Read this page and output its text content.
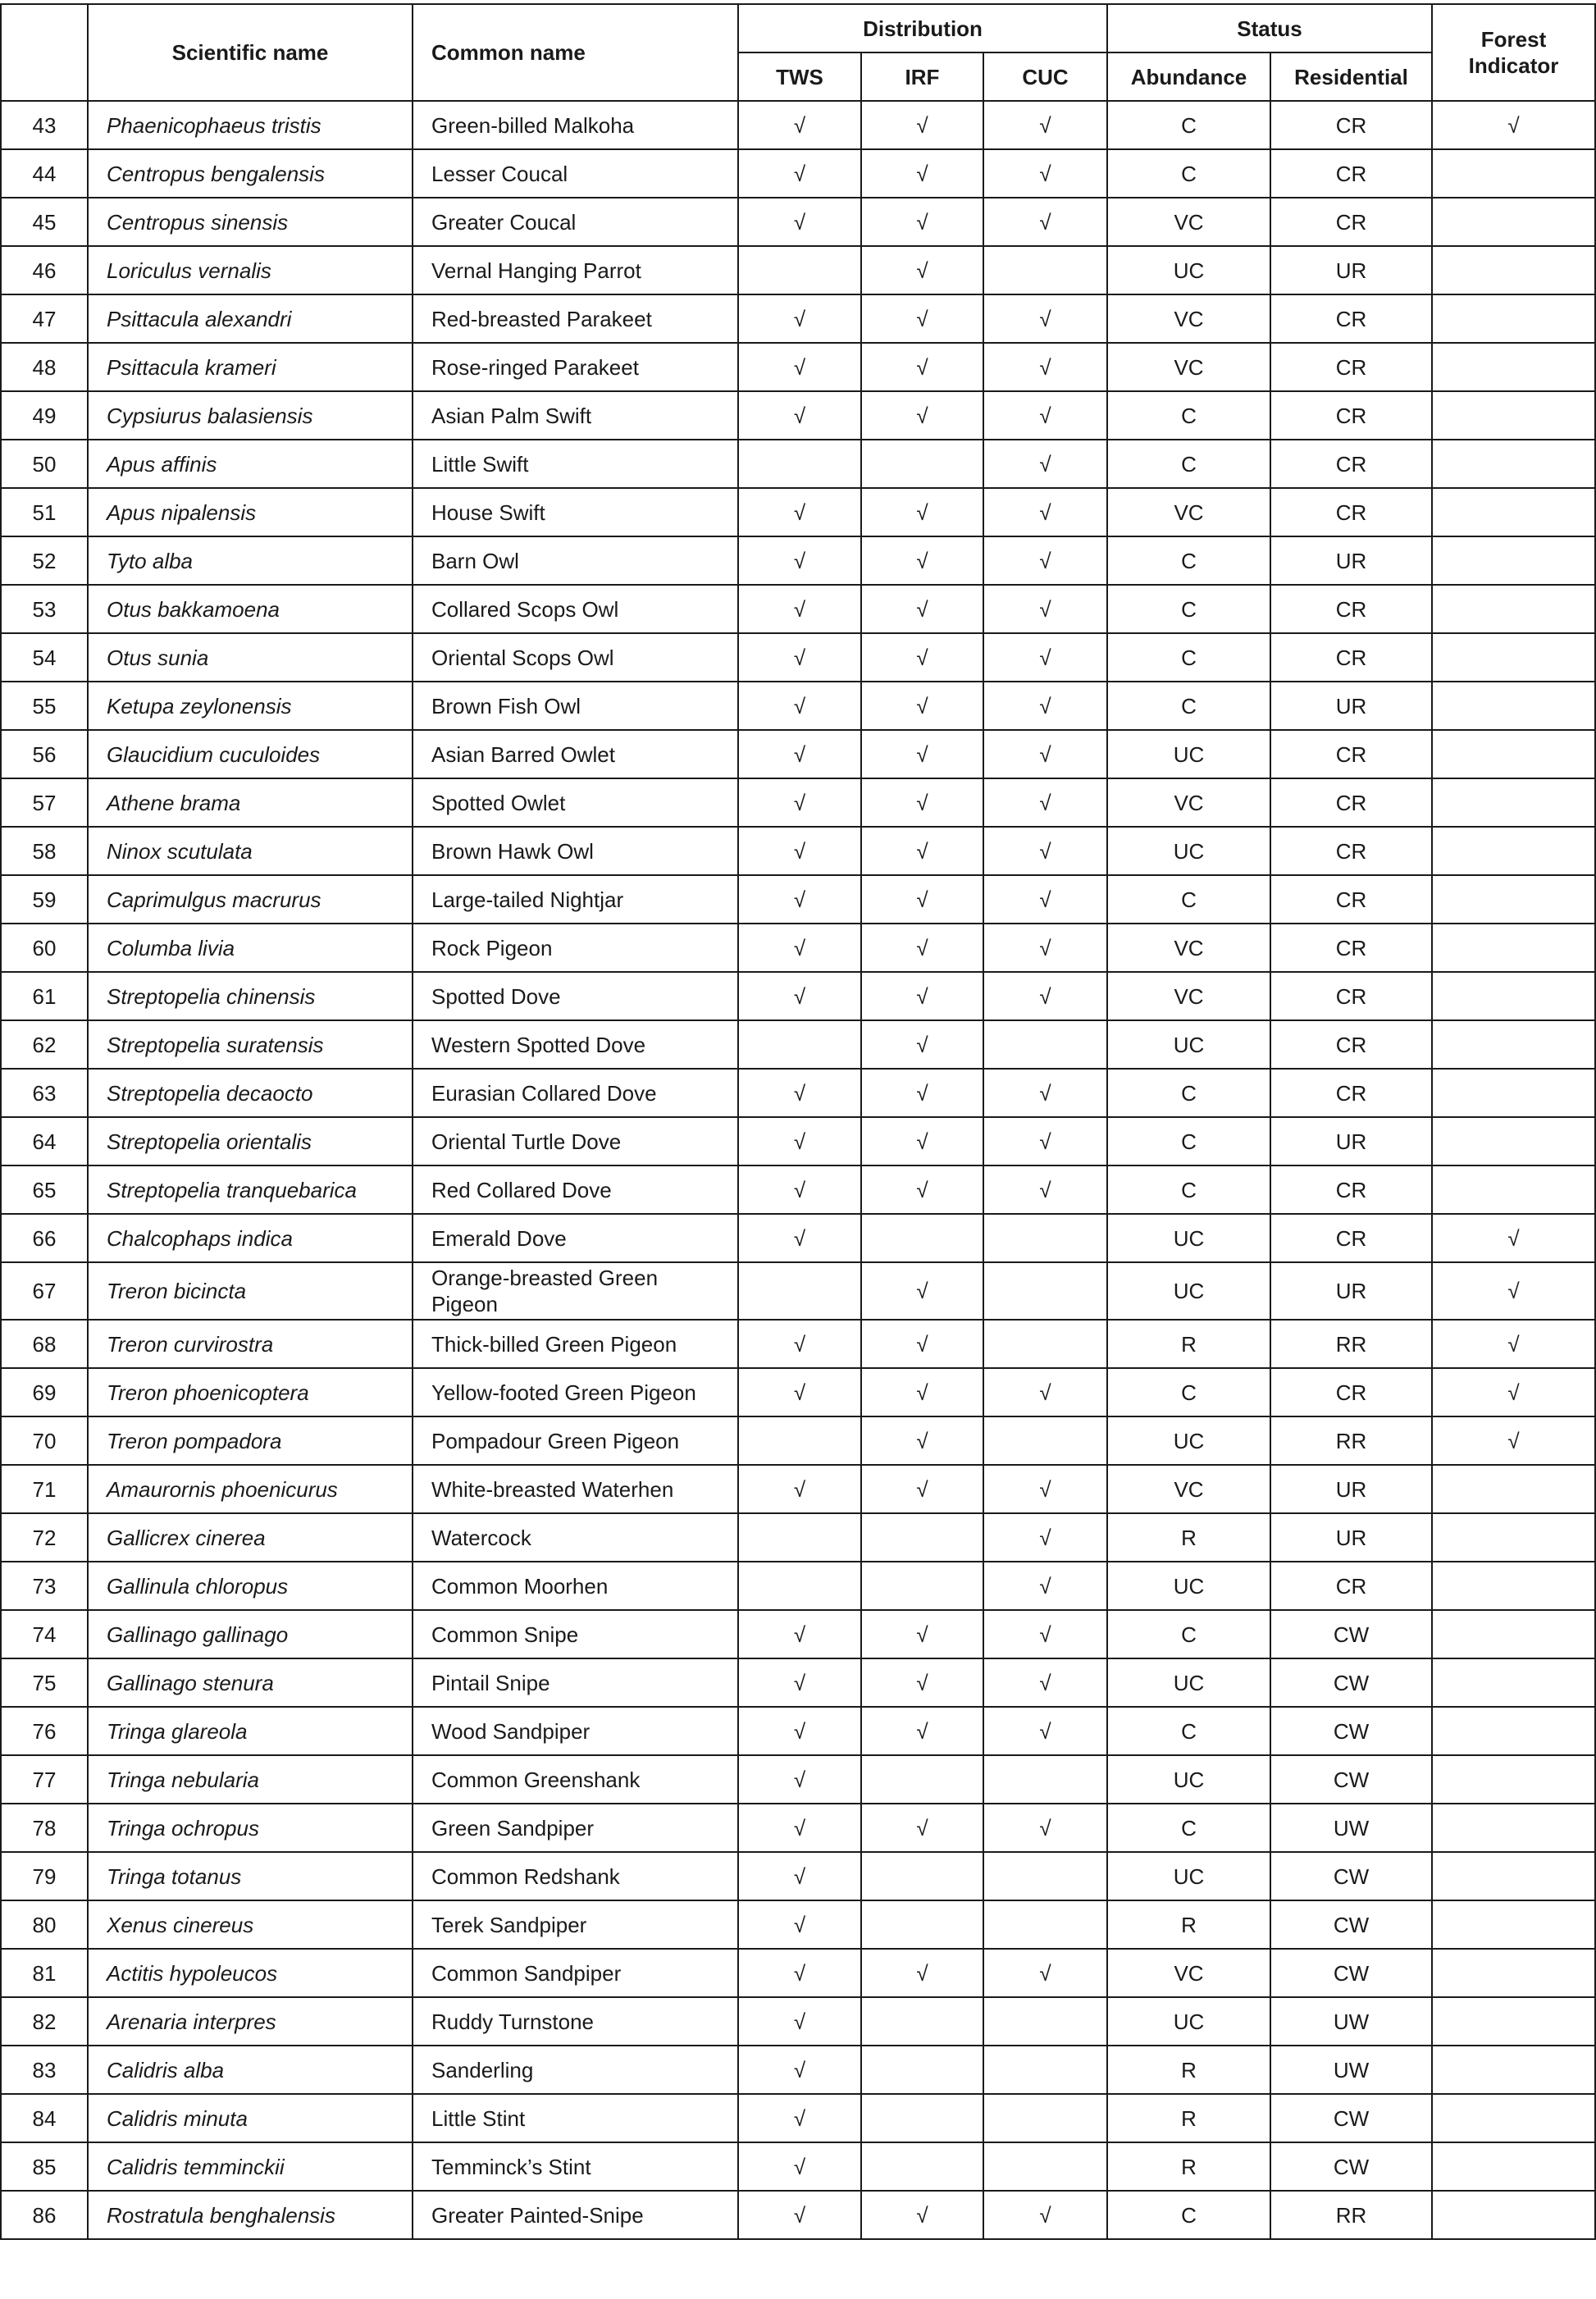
	Scientific name	Common name	Distribution			Status		Forest Indicator
			TWS	IRF	CUC	Abundance	Residential	
43	Phaenicophaeus tristis	Green-billed Malkoha	√	√	√	C	CR	√
44	Centropus bengalensis	Lesser Coucal	√	√	√	C	CR	
45	Centropus sinensis	Greater Coucal	√	√	√	VC	CR	
46	Loriculus vernalis	Vernal Hanging Parrot		√		UC	UR	
47	Psittacula alexandri	Red-breasted Parakeet	√	√	√	VC	CR	
48	Psittacula krameri	Rose-ringed Parakeet	√	√	√	VC	CR	
49	Cypsiurus balasiensis	Asian Palm Swift	√	√	√	C	CR	
50	Apus affinis	Little Swift			√	C	CR	
51	Apus nipalensis	House Swift	√	√	√	VC	CR	
52	Tyto alba	Barn Owl	√	√	√	C	UR	
53	Otus bakkamoena	Collared Scops Owl	√	√	√	C	CR	
54	Otus sunia	Oriental Scops Owl	√	√	√	C	CR	
55	Ketupa zeylonensis	Brown Fish Owl	√	√	√	C	UR	
56	Glaucidium cuculoides	Asian Barred Owlet	√	√	√	UC	CR	
57	Athene brama	Spotted Owlet	√	√	√	VC	CR	
58	Ninox scutulata	Brown Hawk Owl	√	√	√	UC	CR	
59	Caprimulgus macrurus	Large-tailed Nightjar	√	√	√	C	CR	
60	Columba livia	Rock Pigeon	√	√	√	VC	CR	
61	Streptopelia chinensis	Spotted Dove	√	√	√	VC	CR	
62	Streptopelia suratensis	Western Spotted Dove		√		UC	CR	
63	Streptopelia decaocto	Eurasian Collared Dove	√	√	√	C	CR	
64	Streptopelia orientalis	Oriental Turtle Dove	√	√	√	C	UR	
65	Streptopelia tranquebarica	Red Collared Dove	√	√	√	C	CR	
66	Chalcophaps indica	Emerald Dove	√			UC	CR	√
67	Treron bicincta	Orange-breasted Green Pigeon		√		UC	UR	√
68	Treron curvirostra	Thick-billed Green Pigeon	√	√		R	RR	√
69	Treron phoenicoptera	Yellow-footed Green Pigeon	√	√	√	C	CR	√
70	Treron pompadora	Pompadour Green Pigeon		√		UC	RR	√
71	Amaurornis phoenicurus	White-breasted Waterhen	√	√	√	VC	UR	
72	Gallicrex cinerea	Watercock			√	R	UR	
73	Gallinula chloropus	Common Moorhen			√	UC	CR	
74	Gallinago gallinago	Common Snipe	√	√	√	C	CW	
75	Gallinago stenura	Pintail Snipe	√	√	√	UC	CW	
76	Tringa glareola	Wood Sandpiper	√	√	√	C	CW	
77	Tringa nebularia	Common Greenshank	√			UC	CW	
78	Tringa ochropus	Green Sandpiper	√	√	√	C	UW	
79	Tringa totanus	Common Redshank	√			UC	CW	
80	Xenus cinereus	Terek Sandpiper	√			R	CW	
81	Actitis hypoleucos	Common Sandpiper	√	√	√	VC	CW	
82	Arenaria interpres	Ruddy Turnstone	√			UC	UW	
83	Calidris alba	Sanderling	√			R	UW	
84	Calidris minuta	Little Stint	√			R	CW	
85	Calidris temminckii	Temminck’s Stint	√			R	CW	
86	Rostratula benghalensis	Greater Painted-Snipe	√	√	√	C	RR	
